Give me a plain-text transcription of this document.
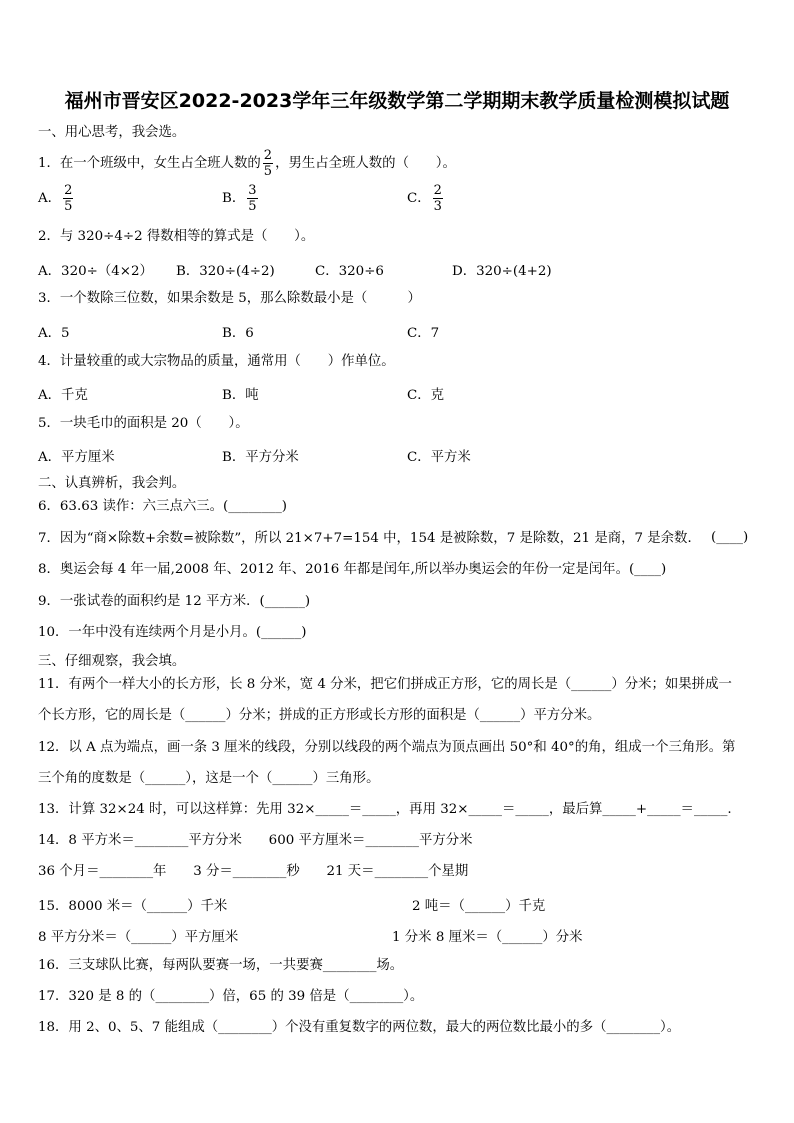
福州市晋安区2022-2023学年三年级数学第二学期期末教学质量检测模拟试题
一、用心思考，我会选。
1．在一个班级中，女生占全班人数的 $\frac{2}{5}$ ，男生占全班人数的（　　）。
A． $\frac{2}{5}$	B． $\frac{3}{5}$	C． $\frac{2}{3}$
2．与 320÷4÷2 得数相等的算式是（　　）。
A．320÷（4×2） B．320÷(4÷2)	C．320÷6	D．320÷(4+2)
3．一个数除三位数，如果余数是 5，那么除数最小是（　　　）
A．5	B．6	C．7
4．计量较重的或大宗物品的质量，通常用（　　）作单位。
A．千克	B．吨	C．克
5．一块毛巾的面积是 20（　　）。
A．平方厘米	B．平方分米	C．平方米
二、认真辨析，我会判。
6．63.63 读作：六三点六三。(________)
7．因为“商×除数+余数=被除数”，所以 21×7+7=154 中，154 是被除数，7 是除数，21 是商，7 是余数． (____)
8．奥运会每 4 年一届,2008 年、2012 年、2016 年都是闰年,所以举办奥运会的年份一定是闰年。(____)
9．一张试卷的面积约是 12 平方米．(______)
10．一年中没有连续两个月是小月。(______)
三、仔细观察，我会填。
11．有两个一样大小的长方形，长 8 分米，宽 4 分米，把它们拼成正方形，它的周长是（______）分米；如果拼成一
个长方形，它的周长是（______）分米；拼成的正方形或长方形的面积是（______）平方分米。
12．以 A 点为端点，画一条 3 厘米的线段，分别以线段的两个端点为顶点画出 50°和 40°的角，组成一个三角形。第
三个角的度数是（______），这是一个（______）三角形。
13．计算 32×24 时，可以这样算：先用 32×_____＝_____，再用 32×_____＝_____，最后算_____+_____＝_____.
14．8 平方米＝________平方分米　　600 平方厘米＝________平方分米
36 个月＝________年　　3 分＝________秒　　21 天＝________个星期
15．8000 米＝（______）千米	2 吨＝（______）千克
8 平方分米＝（______）平方厘米	1 分米 8 厘米＝（______）分米
16．三支球队比赛，每两队要赛一场，一共要赛________场。
17．320 是 8 的（________）倍，65 的 39 倍是（________）。
18．用 2、0、5、7 能组成（________）个没有重复数字的两位数，最大的两位数比最小的多（________）。
